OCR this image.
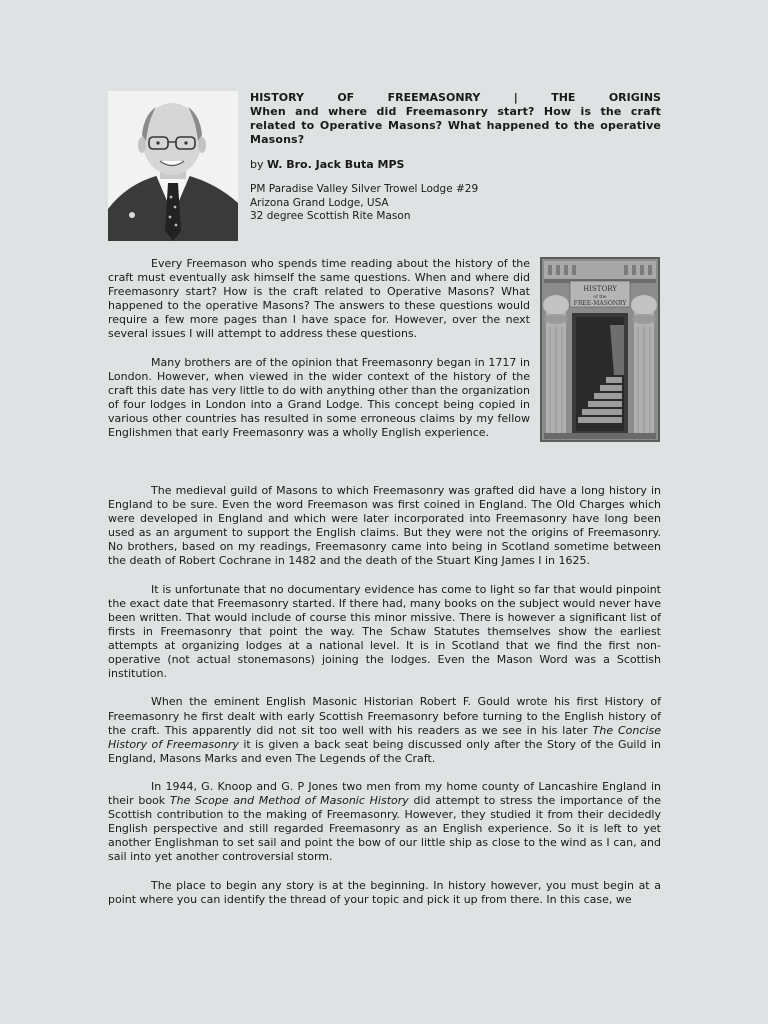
HISTORY	OF	FREEMASONRY	|	THE	ORIGINS

When and where did Freemasonry start? How is the craft related to Operative Masons? What happened to the operative Masons?

by W. Bro. Jack Buta MPS
PM Paradise Valley Silver Trowel Lodge #29
Arizona Grand Lodge, USA
32 degree Scottish Rite Mason
HISTORY
of the
FREE-MASONRY

Every Freemason who spends time reading about the history of the craft must eventually ask himself the same questions. When and where did Freemasonry start? How is the craft related to Operative Masons? What happened to the operative Masons? The answers to these questions would require a few more pages than I have space for. However, over the next several issues I will attempt to address these questions.

Many brothers are of the opinion that Freemasonry began in 1717 in London. However, when viewed in the wider context of the history of the craft this date has very little to do with anything other than the organization of four lodges in London into a Grand Lodge. This concept being copied in various other countries has resulted in some erroneous claims by my fellow Englishmen that early Freemasonry was a wholly English experience.

The medieval guild of Masons to which Freemasonry was grafted did have a long history in England to be sure. Even the word Freemason was first coined in England. The Old Charges which were developed in England and which were later incorporated into Freemasonry have long been used as an argument to support the English claims. But they were not the origins of Freemasonry. No brothers, based on my readings, Freemasonry came into being in Scotland sometime between the death of Robert Cochrane in 1482 and the death of the Stuart King James I in 1625.

It is unfortunate that no documentary evidence has come to light so far that would pinpoint the exact date that Freemasonry started. If there had, many books on the subject would never have been written. That would include of course this minor missive. There is however a significant list of firsts in Freemasonry that point the way. The Schaw Statutes themselves show the earliest attempts at organizing lodges at a national level. It is in Scotland that we find the first non-operative (not actual stonemasons) joining the lodges. Even the Mason Word was a Scottish institution.

When the eminent English Masonic Historian Robert F. Gould wrote his first History of Freemasonry he first dealt with early Scottish Freemasonry before turning to the English history of the craft. This apparently did not sit too well with his readers as we see in his later The Concise History of Freemasonry it is given a back seat being discussed only after the Story of the Guild in England, Masons Marks and even The Legends of the Craft.

In 1944, G. Knoop and G. P Jones two men from my home county of Lancashire England in their book The Scope and Method of Masonic History did attempt to stress the importance of the Scottish contribution to the making of Freemasonry. However, they studied it from their decidedly English perspective and still regarded Freemasonry as an English experience. So it is left to yet another Englishman to set sail and point the bow of our little ship as close to the wind as I can, and sail into yet another controversial storm.

The place to begin any story is at the beginning. In history however, you must begin at a point where you can identify the thread of your topic and pick it up from there. In this case, we
